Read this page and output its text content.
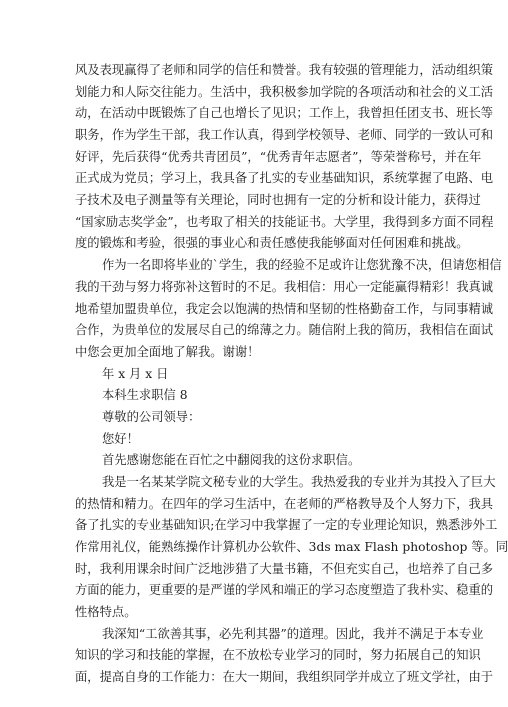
风及表现赢得了老师和同学的信任和赞誉。我有较强的管理能力，活动组织策
划能力和人际交往能力。生活中，我积极参加学院的各项活动和社会的义工活
动，在活动中既锻炼了自己也增长了见识；工作上，我曾担任团支书、班长等
职务，作为学生干部，我工作认真，得到学校领导、老师、同学的一致认可和
好评，先后获得“优秀共青团员”，“优秀青年志愿者”，等荣誉称号，并在年
正式成为党员；学习上，我具备了扎实的专业基础知识，系统掌握了电路、电
子技术及电子测量等有关理论，同时也拥有一定的分析和设计能力，获得过
“国家励志奖学金”，也考取了相关的技能证书。大学里，我得到多方面不同程
度的锻炼和考验，很强的事业心和责任感使我能够面对任何困难和挑战。
作为一名即将毕业的`学生，我的经验不足或许让您犹豫不决，但请您相信
我的干劲与努力将弥补这暂时的不足。我相信：用心一定能赢得精彩！我真诚
地希望加盟贵单位，我定会以饱满的热情和坚韧的性格勤奋工作，与同事精诚
合作，为贵单位的发展尽自己的绵薄之力。随信附上我的简历，我相信在面试
中您会更加全面地了解我。谢谢！
年 x 月 x 日
本科生求职信 8
尊敬的公司领导：
您好！
首先感谢您能在百忙之中翻阅我的这份求职信。
我是一名某某学院文秘专业的大学生。我热爱我的专业并为其投入了巨大
的热情和精力。在四年的学习生活中，在老师的严格教导及个人努力下，我具
备了扎实的专业基础知识;在学习中我掌握了一定的专业理论知识，熟悉涉外工
作常用礼仪，能熟练操作计算机办公软件、3ds max Flash photoshop 等。同
时，我利用课余时间广泛地涉猎了大量书籍，不但充实自己，也培养了自己多
方面的能力，更重要的是严谨的学风和端正的学习态度塑造了我朴实、稳重的
性格特点。
我深知“工欲善其事，必先利其器”的道理。因此，我并不满足于本专业
知识的学习和技能的掌握，在不放松专业学习的同时，努力拓展自己的知识
面，提高自身的工作能力：在大一期间，我组织同学并成立了班文学社，由于
